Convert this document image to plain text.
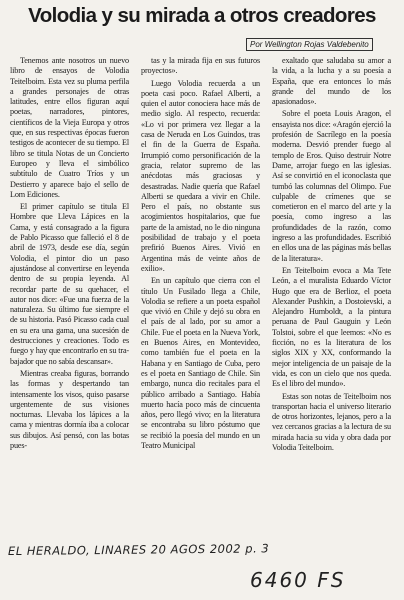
Volodia y su mirada a otros creadores
Por Wellington Rojas Valdebenito

Tenemos ante nosotros un nuevo libro de ensayos de Volodia Teitelboim. Esta vez su pluma perfila a grandes personajes de otras latitudes, entre ellos figuran aquí poetas, narradores, pintores, científicos de la Vieja Europa y otros que, en sus respectivas épocas fueron testigos de acontecer de su tiempo. El libro se titula Notas de un Concierto Europeo y lleva el simbólico subtítulo de Cuatro Tríos y un Destierro y aparece bajo el sello de Lom Ediciones.

El primer capítulo se titula El Hombre que Lleva Lápices en la Cama, y está consagrado a la figura de Pablo Picasso que falleció el 8 de abril de 1973, desde ese día, según Volodia, el pintor dio un paso ajustándose al convertirse en leyenda dentro de su propia leyenda. Al recordar parte de su quehacer, el autor nos dice: «Fue una fuerza de la naturaleza. Su último fue siempre el de su historia. Pasó Picasso cada cual en su era una gama, una sucesión de destrucciones y creaciones. Todo es fuego y hay que encontrarlo en su tra-bajador que no sabía descansar».

Mientras creaba figuras, borrando las formas y despertando tan intensamente los visos, quiso pasarse urgentemente de sus visiones nocturnas. Llevaba los lápices a la cama y mientras dormía iba a colocar sus dibujos. Así pensó, con las botas pues-

tas y la mirada fija en sus futuros proyectos».

Luego Volodia recuerda a un poeta casi poco. Rafael Alberti, a quien el autor conociera hace más de medio siglo. Al respecto, recuerda: «Lo vi por primera vez llegar a la casa de Neruda en Los Guindos, tras el fin de la Guerra de España. Irrumpió como personificación de la gracia, relator supremo de las anécdotas más graciosas y desastradas. Nadie quería que Rafael Alberti se quedara a vivir en Chile. Pero el país, no obstante sus acogimientos hospitalarios, que fue parte de la amistad, no le dio ninguna posibilidad de trabajo y el poeta prefirió Buenos Aires. Vivió en Argentina más de veinte años de exilio».

En un capítulo que cierra con el título Un Fusilado llega a Chile, Volodia se refiere a un poeta español que vivió en Chile y dejó su obra en el país de al lado, por su amor a Chile. Fue el poeta en la Nueva York, en Buenos Aires, en Montevideo, como también fue el poeta en la Habana y en Santiago de Cuba, pero es el poeta en Santiago de Chile. Sin embargo, nunca dio recitales para el público arribado a Santiago. Había muerto hacía poco más de cincuenta años, pero llegó vivo; en la literatura se encontraba su libro póstumo que se recibió la poesía del mundo en un Teatro Municipal

exaltado que saludaba su amor a la vida, a la lucha y a su poesía a España, que era entonces lo más grande del mundo de los apasionados».

Sobre el poeta Louis Aragon, el ensayista nos dice: «Aragón ejerció la profesión de Sacrílego en la poesía moderna. Desvió prender fuego al templo de Eros. Quiso destruir Notre Dame, arrojar fuego en las iglesias. Así se convirtió en el iconoclasta que tumbó las columnas del Olimpo. Fue culpable de crímenes que se cometieron en el marco del arte y la poesía, como ingreso a las profundidades de la razón, como ingreso a las profundidades. Escribió en ellos una de las páginas más bellas de la literatura».

En Teitelboim evoca a Ma Tete León, a el muralista Eduardo Víctor Hugo que era de Berlioz, el poeta Alexander Pushkin, a Dostoievski, a Alejandro Humboldt, a la pintura peruana de Paul Gauguin y León Tolstoi, sobre el que leemos: «No es ficción, no es la literatura de los siglos XIX y XX, conformando la mejor inteligencia de un paisaje de la vida, es con un cielo que nos queda. Es el libro del mundo».

Estas son notas de Teitelboim nos transportan hacia el universo literario de otros horizontes, lejanos, pero a la vez cercanos gracias a la lectura de su mirada hacia su vida y obra dada por Volodia Teitelboim.

EL HERALDO, LINARES 20 AGOS 2002 p. 3
6460 FS
